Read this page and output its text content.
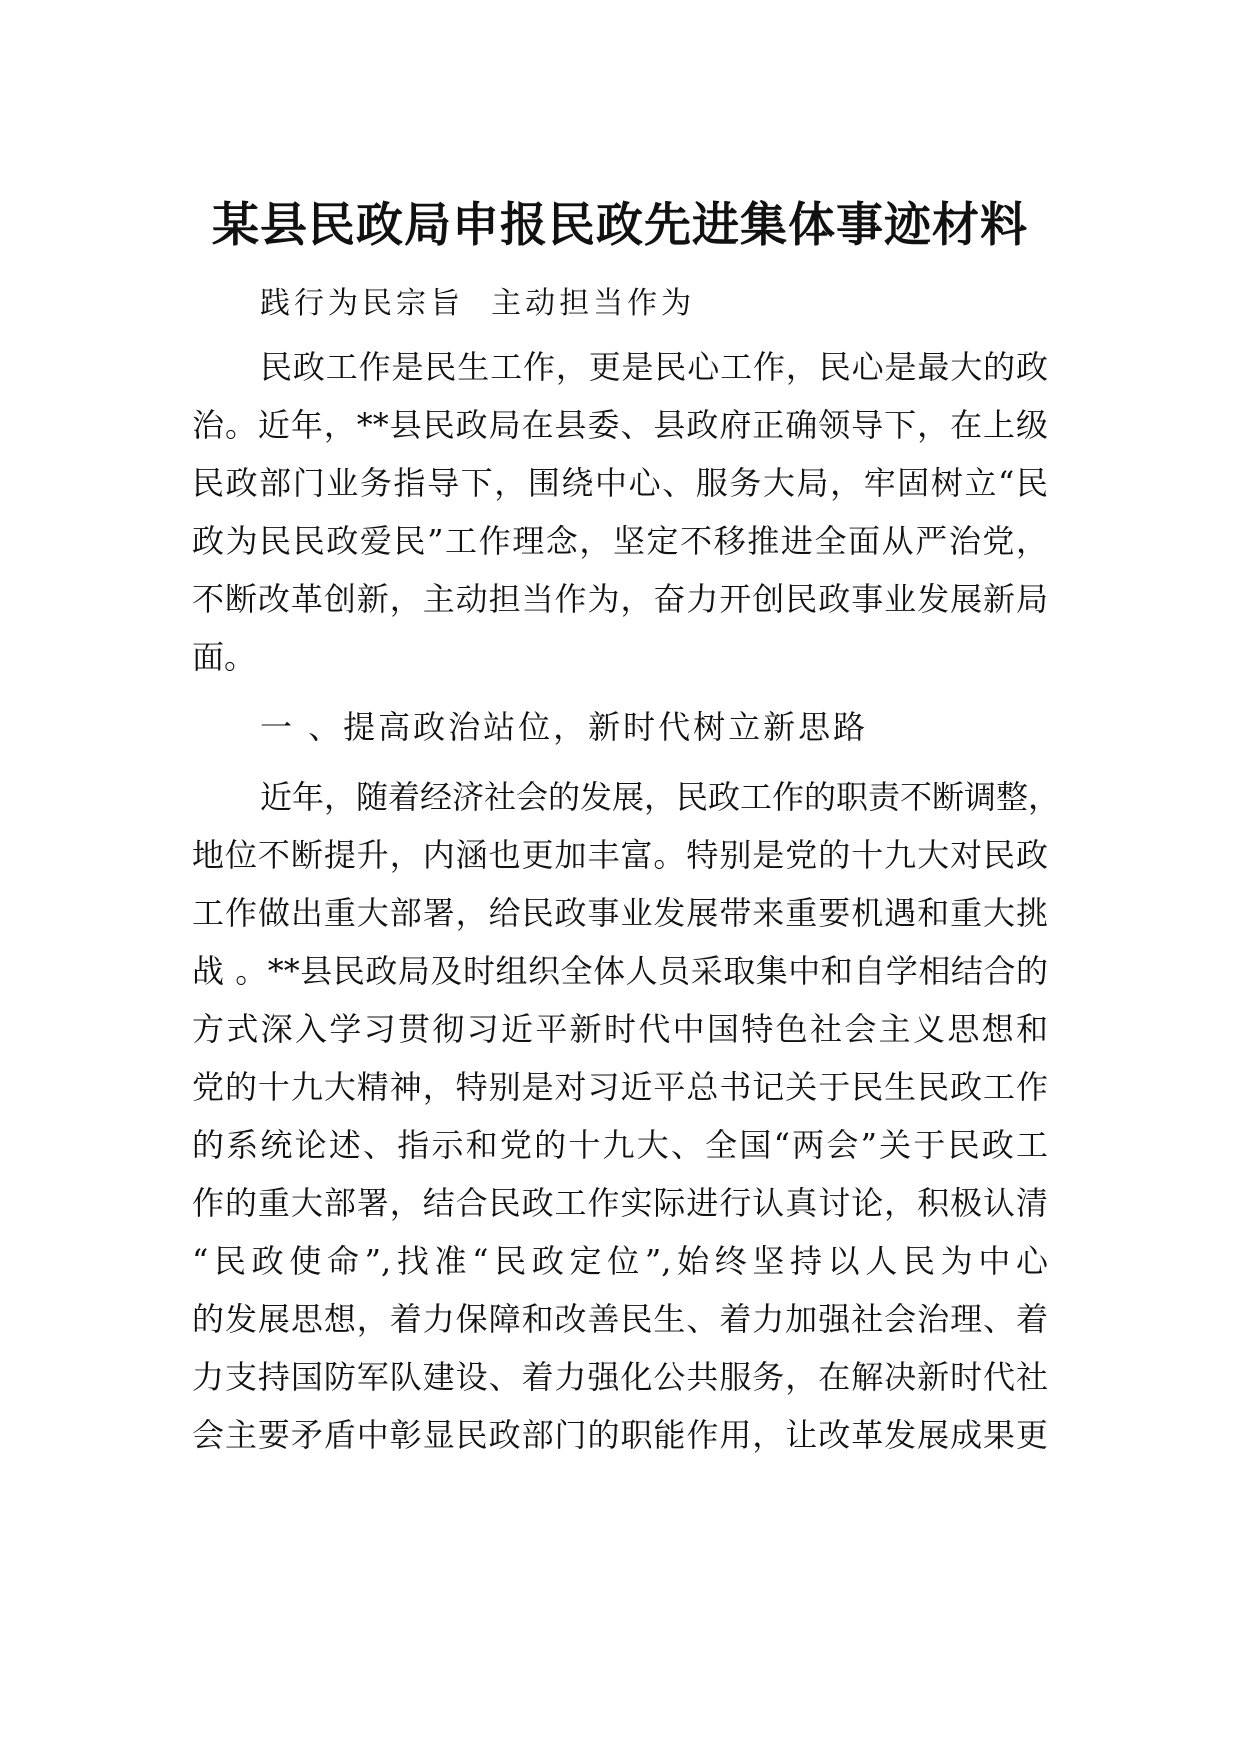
某县民政局申报民政先进集体事迹材料
践行为民宗旨  主动担当作为
民政工作是民生工作，更是民心工作，民心是最大的政
治。近年，**县民政局在县委、县政府正确领导下，在上级
民政部门业务指导下，围绕中心、服务大局，牢固树立“民
政为民民政爱民”工作理念，坚定不移推进全面从严治党，
不断改革创新，主动担当作为，奋力开创民政事业发展新局
面。
一 、提高政治站位，新时代树立新思路
近年，随着经济社会的发展，民政工作的职责不断调整，
地位不断提升，内涵也更加丰富。特别是党的十九大对民政
工作做出重大部署，给民政事业发展带来重要机遇和重大挑
战 。**县民政局及时组织全体人员采取集中和自学相结合的
方式深入学习贯彻习近平新时代中国特色社会主义思想和
党的十九大精神，特别是对习近平总书记关于民生民政工作
的系统论述、指示和党的十九大、全国“两会”关于民政工
作的重大部署，结合民政工作实际进行认真讨论，积极认清
“民政使命”,找准“民政定位”,始终坚持以人民为中心
的发展思想，着力保障和改善民生、着力加强社会治理、着
力支持国防军队建设、着力强化公共服务，在解决新时代社
会主要矛盾中彰显民政部门的职能作用，让改革发展成果更
